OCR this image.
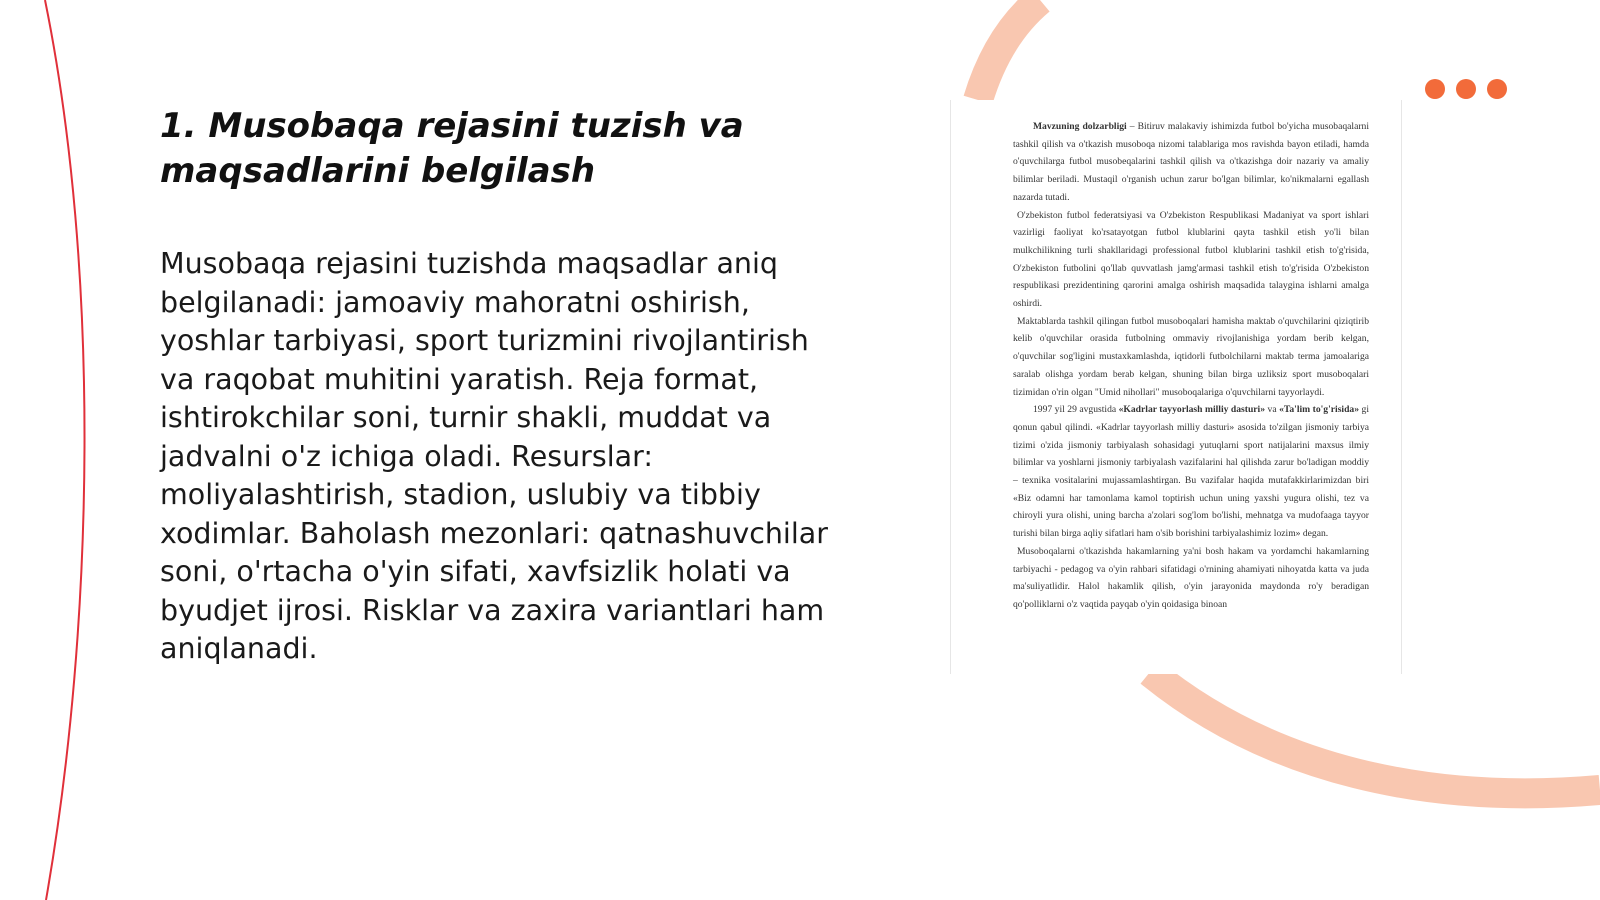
1. Musobaqa rejasini tuzish va maqsadlarini belgilash

Musobaqa rejasini tuzishda maqsadlar aniq belgilanadi: jamoaviy mahoratni oshirish, yoshlar tarbiyasi, sport turizmini rivojlantirish va raqobat muhitini yaratish. Reja format, ishtirokchilar soni, turnir shakli, muddat va jadvalni o'z ichiga oladi. Resurslar: moliyalashtirish, stadion, uslubiy va tibbiy xodimlar. Baholash mezonlari: qatnashuvchilar soni, o'rtacha o'yin sifati, xavfsizlik holati va byudjet ijrosi. Risklar va zaxira variantlari ham aniqlanadi.

Mavzuning dolzarbligi – Bitiruv malakaviy ishimizda futbol bo'yicha musobaqalarni tashkil qilish va o'tkazish musoboqa nizomi talablariga mos ravishda bayon etiladi, hamda o'quvchilarga futbol musobeqalarini tashkil qilish va o'tkazishga doir nazariy va amaliy bilimlar beriladi. Mustaqil o'rganish uchun zarur bo'lgan bilimlar, ko'nikmalarni egallash nazarda tutadi.

O'zbekiston futbol federatsiyasi va O'zbekiston Respublikasi Madaniyat va sport ishlari vazirligi faoliyat ko'rsatayotgan futbol klublarini qayta tashkil etish yo'li bilan mulkchilikning turli shakllaridagi professional futbol klublarini tashkil etish to'g'risida, O'zbekiston futbolini qo'llab quvvatlash jamg'armasi tashkil etish to'g'risida O'zbekiston respublikasi prezidentining qarorini amalga oshirish maqsadida talaygina ishlarni amalga oshirdi.

Maktablarda tashkil qilingan futbol musoboqalari hamisha maktab o'quvchilarini qiziqtirib kelib o'quvchilar orasida futbolning ommaviy rivojlanishiga yordam berib kelgan, o'quvchilar sog'ligini mustaxkamlashda, iqtidorli futbolchilarni maktab terma jamoalariga saralab olishga yordam berab kelgan, shuning bilan birga uzliksiz sport musoboqalari tizimidan o'rin olgan "Umid nihollari" musoboqalariga o'quvchilarni tayyorlaydi.

1997 yil 29 avgustida «Kadrlar tayyorlash milliy dasturi» va «Ta'lim to'g'risida» gi qonun qabul qilindi. «Kadrlar tayyorlash milliy dasturi» asosida to'zilgan jismoniy tarbiya tizimi o'zida jismoniy tarbiyalash sohasidagi yutuqlarni sport natijalarini maxsus ilmiy bilimlar va yoshlarni jismoniy tarbiyalash vazifalarini hal qilishda zarur bo'ladigan moddiy – texnika vositalarini mujassamlashtirgan. Bu vazifalar haqida mutafakkirlarimizdan biri «Biz odamni har tamonlama kamol toptirish uchun uning yaxshi yugura olishi, tez va chiroyli yura olishi, uning barcha a'zolari sog'lom bo'lishi, mehnatga va mudofaaga tayyor turishi bilan birga aqliy sifatlari ham o'sib borishini tarbiyalashimiz lozim» degan.

Musoboqalarni o'tkazishda hakamlarning ya'ni bosh hakam va yordamchi hakamlarning tarbiyachi - pedagog va o'yin rahbari sifatidagi o'rnining ahamiyati nihoyatda katta va juda ma'suliyatlidir. Halol hakamlik qilish, o'yin jarayonida maydonda ro'y beradigan qo'polliklarni o'z vaqtida payqab o'yin qoidasiga binoan
